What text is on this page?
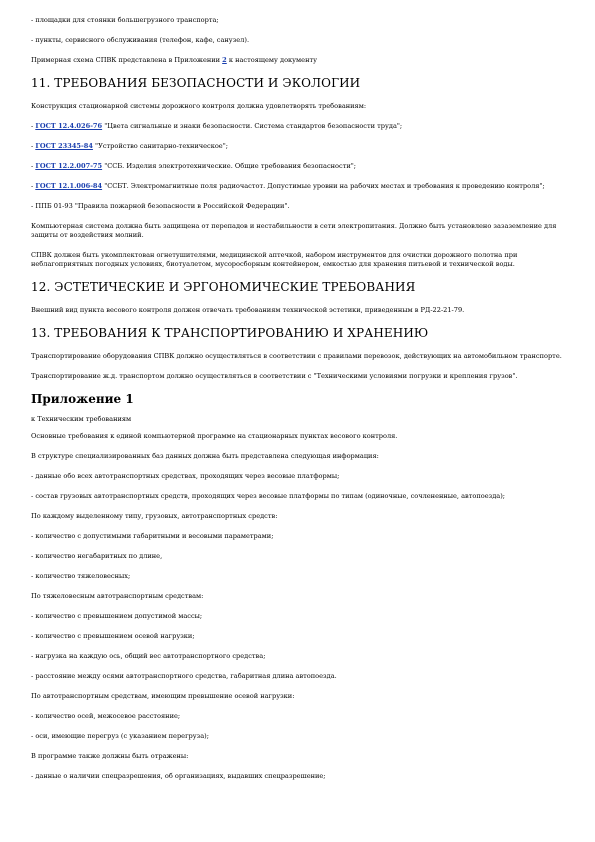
- площадки для стоянки большегрузного транспорта;
- пункты, сервисного обслуживания (телефон, кафе, санузел).
Примерная схема СПВК представлена в Приложении 2 к настоящему документу
11. ТРЕБОВАНИЯ БЕЗОПАСНОСТИ И ЭКОЛОГИИ
Конструкция стационарной системы дорожного контроля должна удовлетворять требованиям:
- ГОСТ 12.4.026-76 "Цвета сигнальные и знаки безопасности. Система стандартов безопасности труда";
- ГОСТ 23345-84 "Устройство санитарно-техническое";
- ГОСТ 12.2.007-75 "ССБ. Изделия электротехнические. Общие требования безопасности";
- ГОСТ 12.1.006-84 "ССБТ. Электромагнитные поля радиочастот. Допустимые уровни на рабочих местах и требования к проведению контроля";
- ППБ 01-93 "Правила пожарной безопасности в Российской Федерации".
Компьютерная система должна быть защищена от перепадов и нестабильности в сети электропитания. Должно быть установлено зазаземление для защиты от воздействия молний.
СПВК должен быть укомплектован огнетушителями, медицинской аптечкой, набором инструментов для очистки дорожного полотна при неблагоприятных погодных условиях, биотуалетом, мусоросборным контейнером, емкостью для хранения питьевой и технической воды.
12. ЭСТЕТИЧЕСКИЕ И ЭРГОНОМИЧЕСКИЕ ТРЕБОВАНИЯ
Внешний вид пункта весового контроля должен отвечать требованиям технической эстетики, приведенным в РД-22-21-79.
13. ТРЕБОВАНИЯ К ТРАНСПОРТИРОВАНИЮ И ХРАНЕНИЮ
Транспортирование оборудования СПВК должно осуществляться в соответствии с правилами перевозок, действующих на автомобильном транспорте.
Транспортирование ж.д. транспортом должно осуществляться в соответствии с "Техническими условиями погрузки и крепления грузов".
Приложение 1
к Техническим требованиям
Основные требования к единой компьютерной программе на стационарных пунктах весового контроля.
В структуре специализированных баз данных должна быть представлена следующая информация:
- данные обо всех автотранспортных средствах, проходящих через весовые платформы;
- состав грузовых автотранспортных средств, проходящих через весовые платформы по типам (одиночные, сочлененные, автопоезда);
По каждому выделенному типу, грузовых, автотранспортных средств:
- количество с допустимыми габаритными и весовыми параметрами;
- количество негабаритных по длине,
- количество тяжеловесных;
По тяжеловесным автотранспортным средствам:
- количество с превышением допустимой массы;
- количество с превышением осевой нагрузки;
- нагрузка на каждую ось, общий вес автотранспортного средства;
- расстояние между осями автотранспортного средства, габаритная длина автопоезда.
По автотранспортным средствам, имеющим превышение осевой нагрузки:
- количество осей, межосевое расстояние;
- оси, имеющие перегруз (с указанием перегруза);
В программе также должны быть отражены:
- данные о наличии спецразрешения, об организациях, выдавших спецразрешение;
